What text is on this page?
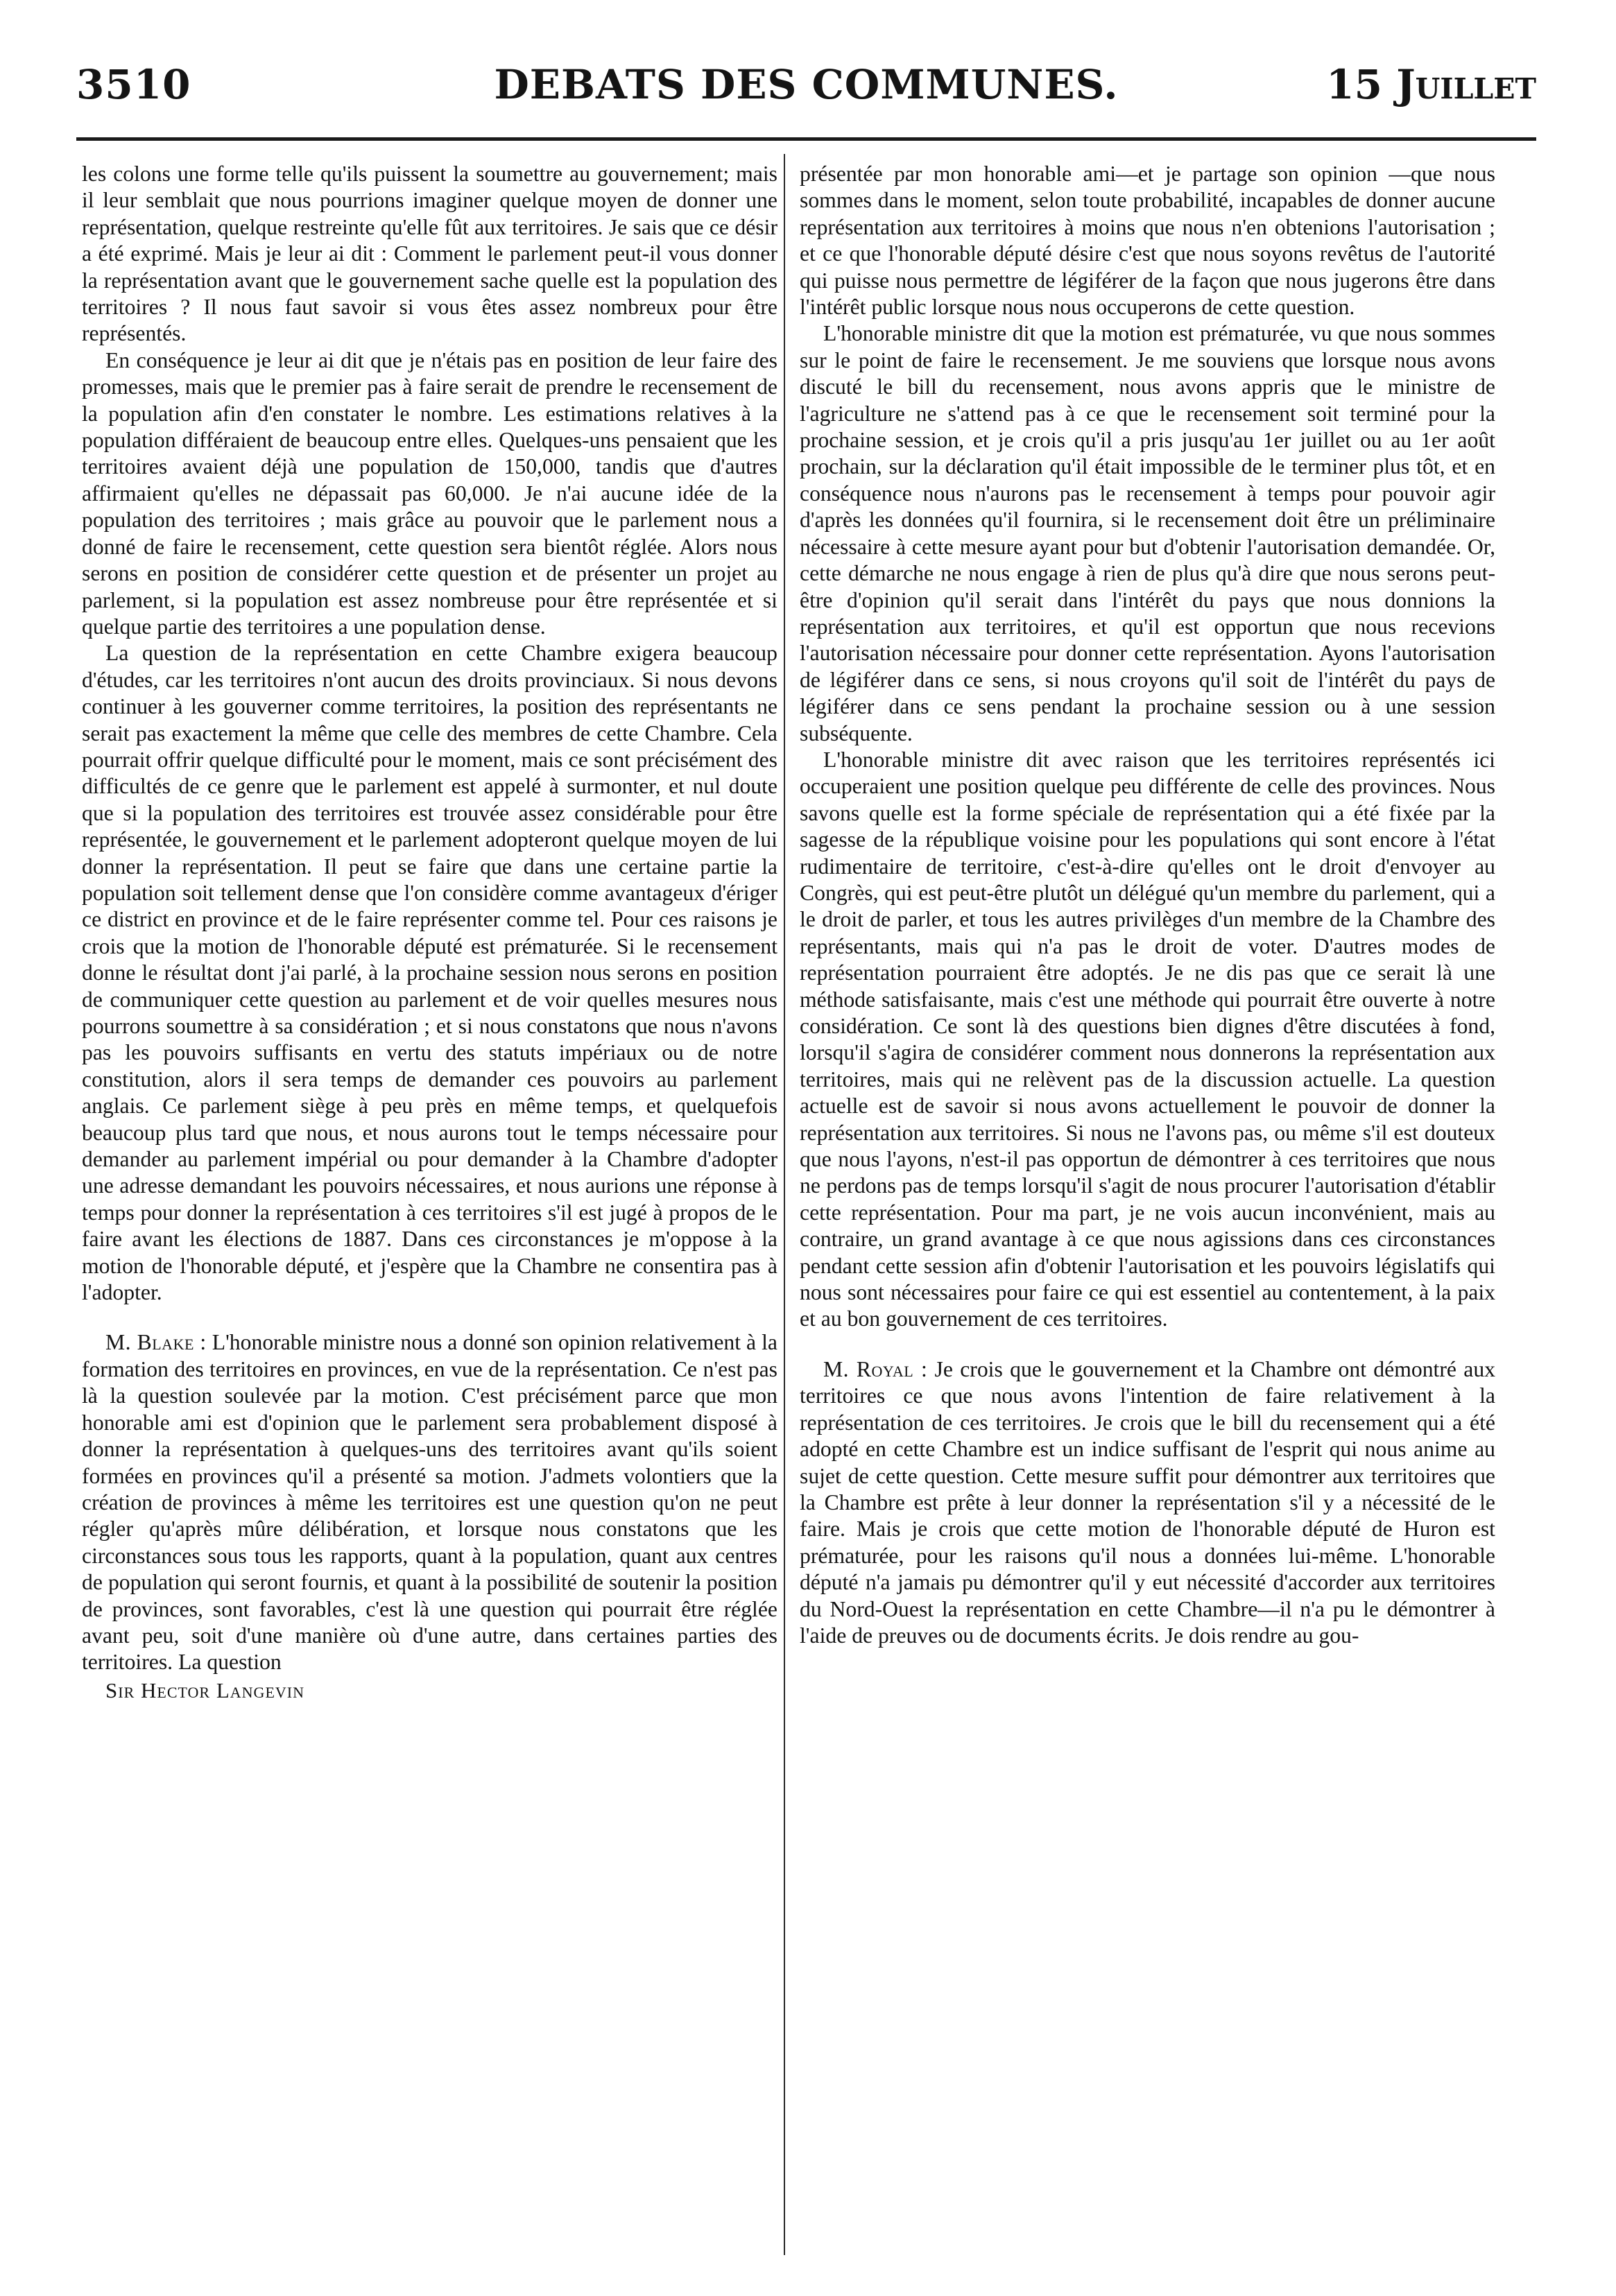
3510	DEBATS DES COMMUNES.	15 Juillet

les colons une forme telle qu'ils puissent la soumettre au gouvernement; mais il leur semblait que nous pourrions imaginer quelque moyen de donner une représentation, quelque restreinte qu'elle fût aux territoires. Je sais que ce désir a été exprimé. Mais je leur ai dit : Comment le parlement peut-il vous donner la représentation avant que le gouvernement sache quelle est la population des territoires ? Il nous faut savoir si vous êtes assez nombreux pour être représentés.

En conséquence je leur ai dit que je n'étais pas en position de leur faire des promesses, mais que le premier pas à faire serait de prendre le recensement de la population afin d'en constater le nombre. Les estimations relatives à la population différaient de beaucoup entre elles. Quelques-uns pensaient que les territoires avaient déjà une population de 150,000, tandis que d'autres affirmaient qu'elles ne dépassait pas 60,000. Je n'ai aucune idée de la population des territoires ; mais grâce au pouvoir que le parlement nous a donné de faire le recensement, cette question sera bientôt réglée. Alors nous serons en position de considérer cette question et de présenter un projet au parlement, si la population est assez nombreuse pour être représentée et si quelque partie des territoires a une population dense.

La question de la représentation en cette Chambre exigera beaucoup d'études, car les territoires n'ont aucun des droits provinciaux. Si nous devons continuer à les gouverner comme territoires, la position des représentants ne serait pas exactement la même que celle des membres de cette Chambre. Cela pourrait offrir quelque difficulté pour le moment, mais ce sont précisément des difficultés de ce genre que le parlement est appelé à surmonter, et nul doute que si la population des territoires est trouvée assez considérable pour être représentée, le gouvernement et le parlement adopteront quelque moyen de lui donner la représentation. Il peut se faire que dans une certaine partie la population soit tellement dense que l'on considère comme avantageux d'ériger ce district en province et de le faire représenter comme tel. Pour ces raisons je crois que la motion de l'honorable député est prématurée. Si le recensement donne le résultat dont j'ai parlé, à la prochaine session nous serons en position de communiquer cette question au parlement et de voir quelles mesures nous pourrons soumettre à sa considération ; et si nous constatons que nous n'avons pas les pouvoirs suffisants en vertu des statuts impériaux ou de notre constitution, alors il sera temps de demander ces pouvoirs au parlement anglais. Ce parlement siège à peu près en même temps, et quelquefois beaucoup plus tard que nous, et nous aurons tout le temps nécessaire pour demander au parlement impérial ou pour demander à la Chambre d'adopter une adresse demandant les pouvoirs nécessaires, et nous aurions une réponse à temps pour donner la représentation à ces territoires s'il est jugé à propos de le faire avant les élections de 1887. Dans ces circonstances je m'oppose à la motion de l'honorable député, et j'espère que la Chambre ne consentira pas à l'adopter.

M. Blake : L'honorable ministre nous a donné son opinion relativement à la formation des territoires en provinces, en vue de la représentation. Ce n'est pas là la question soulevée par la motion. C'est précisément parce que mon honorable ami est d'opinion que le parlement sera probablement disposé à donner la représentation à quelques-uns des territoires avant qu'ils soient formées en provinces qu'il a présenté sa motion. J'admets volontiers que la création de provinces à même les territoires est une question qu'on ne peut régler qu'après mûre délibération, et lorsque nous constatons que les circonstances sous tous les rapports, quant à la population, quant aux centres de population qui seront fournis, et quant à la possibilité de soutenir la position de provinces, sont favorables, c'est là une question qui pourrait être réglée avant peu, soit d'une manière où d'une autre, dans certaines parties des territoires. La question

Sir Hector Langevin

présentée par mon honorable ami—et je partage son opinion —que nous sommes dans le moment, selon toute probabilité, incapables de donner aucune représentation aux territoires à moins que nous n'en obtenions l'autorisation ; et ce que l'honorable député désire c'est que nous soyons revêtus de l'autorité qui puisse nous permettre de légiférer de la façon que nous jugerons être dans l'intérêt public lorsque nous nous occuperons de cette question.

L'honorable ministre dit que la motion est prématurée, vu que nous sommes sur le point de faire le recensement. Je me souviens que lorsque nous avons discuté le bill du recensement, nous avons appris que le ministre de l'agriculture ne s'attend pas à ce que le recensement soit terminé pour la prochaine session, et je crois qu'il a pris jusqu'au 1er juillet ou au 1er août prochain, sur la déclaration qu'il était impossible de le terminer plus tôt, et en conséquence nous n'aurons pas le recensement à temps pour pouvoir agir d'après les données qu'il fournira, si le recensement doit être un préliminaire nécessaire à cette mesure ayant pour but d'obtenir l'autorisation demandée. Or, cette démarche ne nous engage à rien de plus qu'à dire que nous serons peut-être d'opinion qu'il serait dans l'intérêt du pays que nous donnions la représentation aux territoires, et qu'il est opportun que nous recevions l'autorisation nécessaire pour donner cette représentation. Ayons l'autorisation de légiférer dans ce sens, si nous croyons qu'il soit de l'intérêt du pays de légiférer dans ce sens pendant la prochaine session ou à une session subséquente.

L'honorable ministre dit avec raison que les territoires représentés ici occuperaient une position quelque peu différente de celle des provinces. Nous savons quelle est la forme spéciale de représentation qui a été fixée par la sagesse de la république voisine pour les populations qui sont encore à l'état rudimentaire de territoire, c'est-à-dire qu'elles ont le droit d'envoyer au Congrès, qui est peut-être plutôt un délégué qu'un membre du parlement, qui a le droit de parler, et tous les autres privilèges d'un membre de la Chambre des représentants, mais qui n'a pas le droit de voter. D'autres modes de représentation pourraient être adoptés. Je ne dis pas que ce serait là une méthode satisfaisante, mais c'est une méthode qui pourrait être ouverte à notre considération. Ce sont là des questions bien dignes d'être discutées à fond, lorsqu'il s'agira de considérer comment nous donnerons la représentation aux territoires, mais qui ne relèvent pas de la discussion actuelle. La question actuelle est de savoir si nous avons actuellement le pouvoir de donner la représentation aux territoires. Si nous ne l'avons pas, ou même s'il est douteux que nous l'ayons, n'est-il pas opportun de démontrer à ces territoires que nous ne perdons pas de temps lorsqu'il s'agit de nous procurer l'autorisation d'établir cette représentation. Pour ma part, je ne vois aucun inconvénient, mais au contraire, un grand avantage à ce que nous agissions dans ces circonstances pendant cette session afin d'obtenir l'autorisation et les pouvoirs législatifs qui nous sont nécessaires pour faire ce qui est essentiel au contentement, à la paix et au bon gouvernement de ces territoires.

M. Royal : Je crois que le gouvernement et la Chambre ont démontré aux territoires ce que nous avons l'intention de faire relativement à la représentation de ces territoires. Je crois que le bill du recensement qui a été adopté en cette Chambre est un indice suffisant de l'esprit qui nous anime au sujet de cette question. Cette mesure suffit pour démontrer aux territoires que la Chambre est prête à leur donner la représentation s'il y a nécessité de le faire. Mais je crois que cette motion de l'honorable député de Huron est prématurée, pour les raisons qu'il nous a données lui-même. L'honorable député n'a jamais pu démontrer qu'il y eut nécessité d'accorder aux territoires du Nord-Ouest la représentation en cette Chambre—il n'a pu le démontrer à l'aide de preuves ou de documents écrits. Je dois rendre au gou-
